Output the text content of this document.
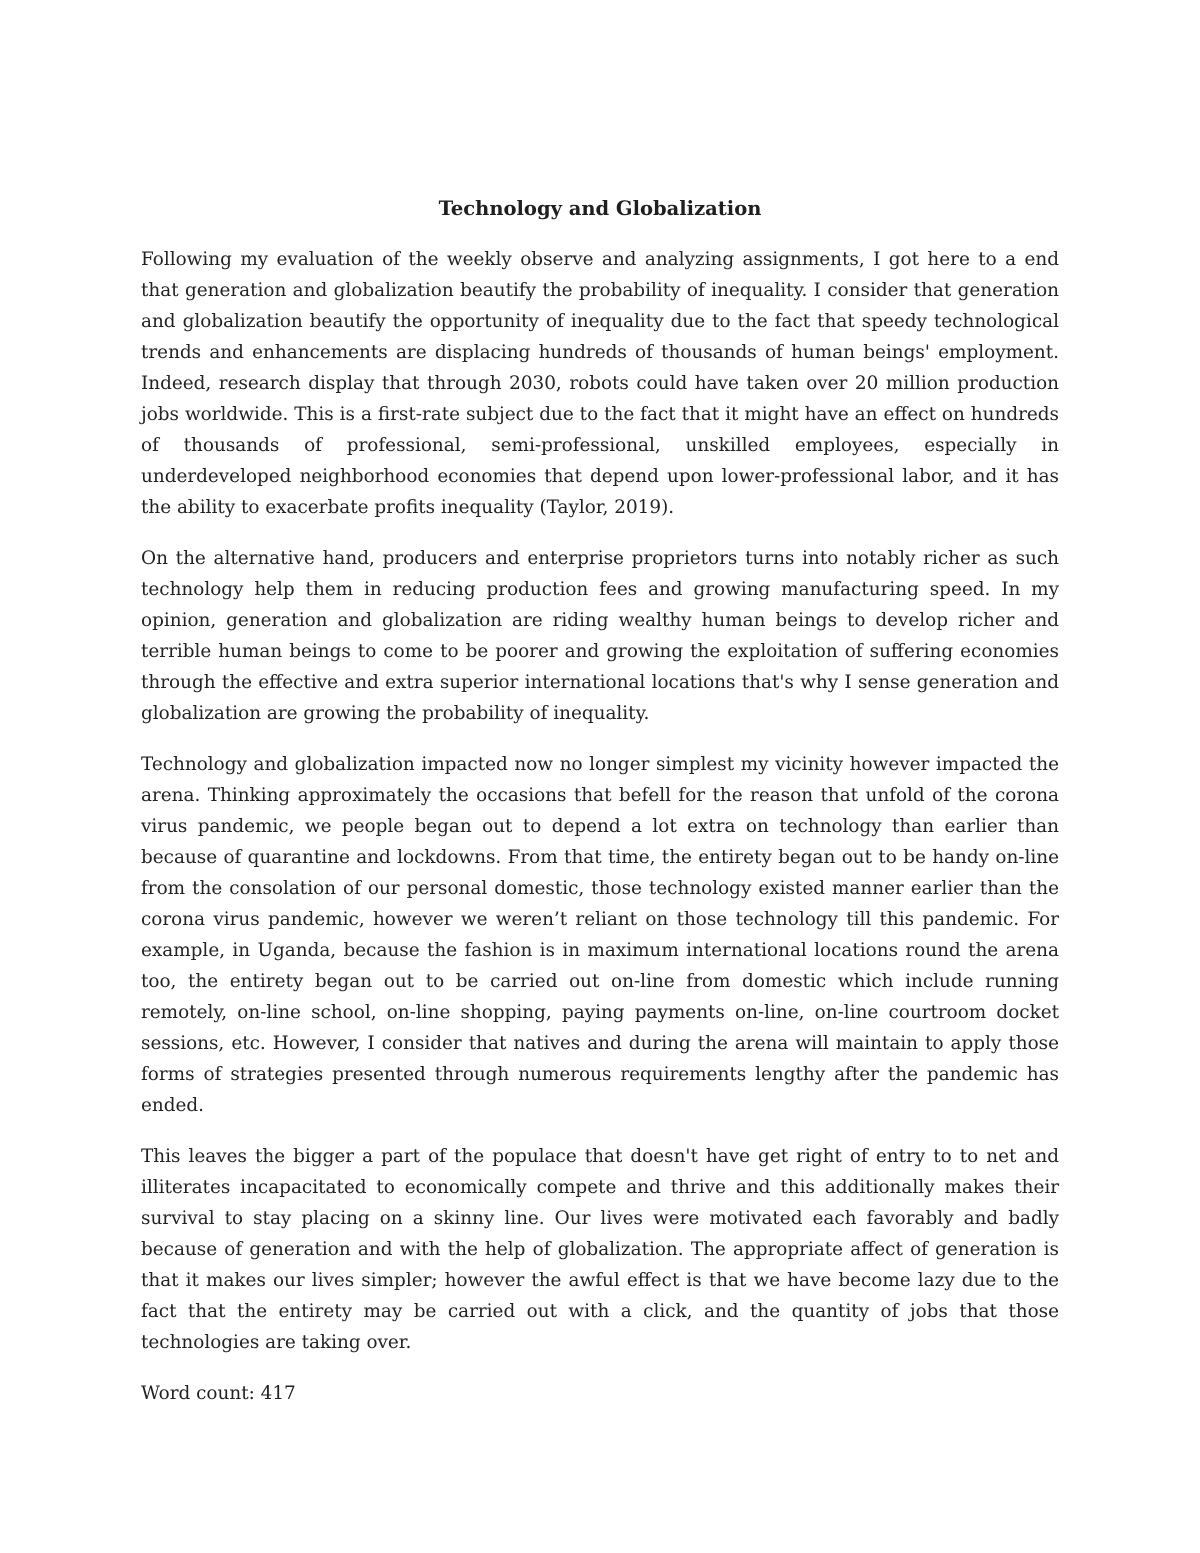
Technology and Globalization

Following my evaluation of the weekly observe and analyzing assignments, I got here to a end that generation and globalization beautify the probability of inequality. I consider that generation and globalization beautify the opportunity of inequality due to the fact that speedy technological trends and enhancements are displacing hundreds of thousands of human beings' employment. Indeed, research display that through 2030, robots could have taken over 20 million production jobs worldwide. This is a first-rate subject due to the fact that it might have an effect on hundreds of thousands of professional, semi-professional, unskilled employees, especially in underdeveloped neighborhood economies that depend upon lower-professional labor, and it has the ability to exacerbate profits inequality (Taylor, 2019).

On the alternative hand, producers and enterprise proprietors turns into notably richer as such technology help them in reducing production fees and growing manufacturing speed. In my opinion, generation and globalization are riding wealthy human beings to develop richer and terrible human beings to come to be poorer and growing the exploitation of suffering economies through the effective and extra superior international locations that's why I sense generation and globalization are growing the probability of inequality.

Technology and globalization impacted now no longer simplest my vicinity however impacted the arena. Thinking approximately the occasions that befell for the reason that unfold of the corona virus pandemic, we people began out to depend a lot extra on technology than earlier than because of quarantine and lockdowns. From that time, the entirety began out to be handy on-line from the consolation of our personal domestic, those technology existed manner earlier than the corona virus pandemic, however we weren’t reliant on those technology till this pandemic. For example, in Uganda, because the fashion is in maximum international locations round the arena too, the entirety began out to be carried out on-line from domestic which include running remotely, on-line school, on-line shopping, paying payments on-line, on-line courtroom docket sessions, etc. However, I consider that natives and during the arena will maintain to apply those forms of strategies presented through numerous requirements lengthy after the pandemic has ended.

This leaves the bigger a part of the populace that doesn't have get right of entry to to net and illiterates incapacitated to economically compete and thrive and this additionally makes their survival to stay placing on a skinny line. Our lives were motivated each favorably and badly because of generation and with the help of globalization. The appropriate affect of generation is that it makes our lives simpler; however the awful effect is that we have become lazy due to the fact that the entirety may be carried out with a click, and the quantity of jobs that those technologies are taking over.

Word count: 417
